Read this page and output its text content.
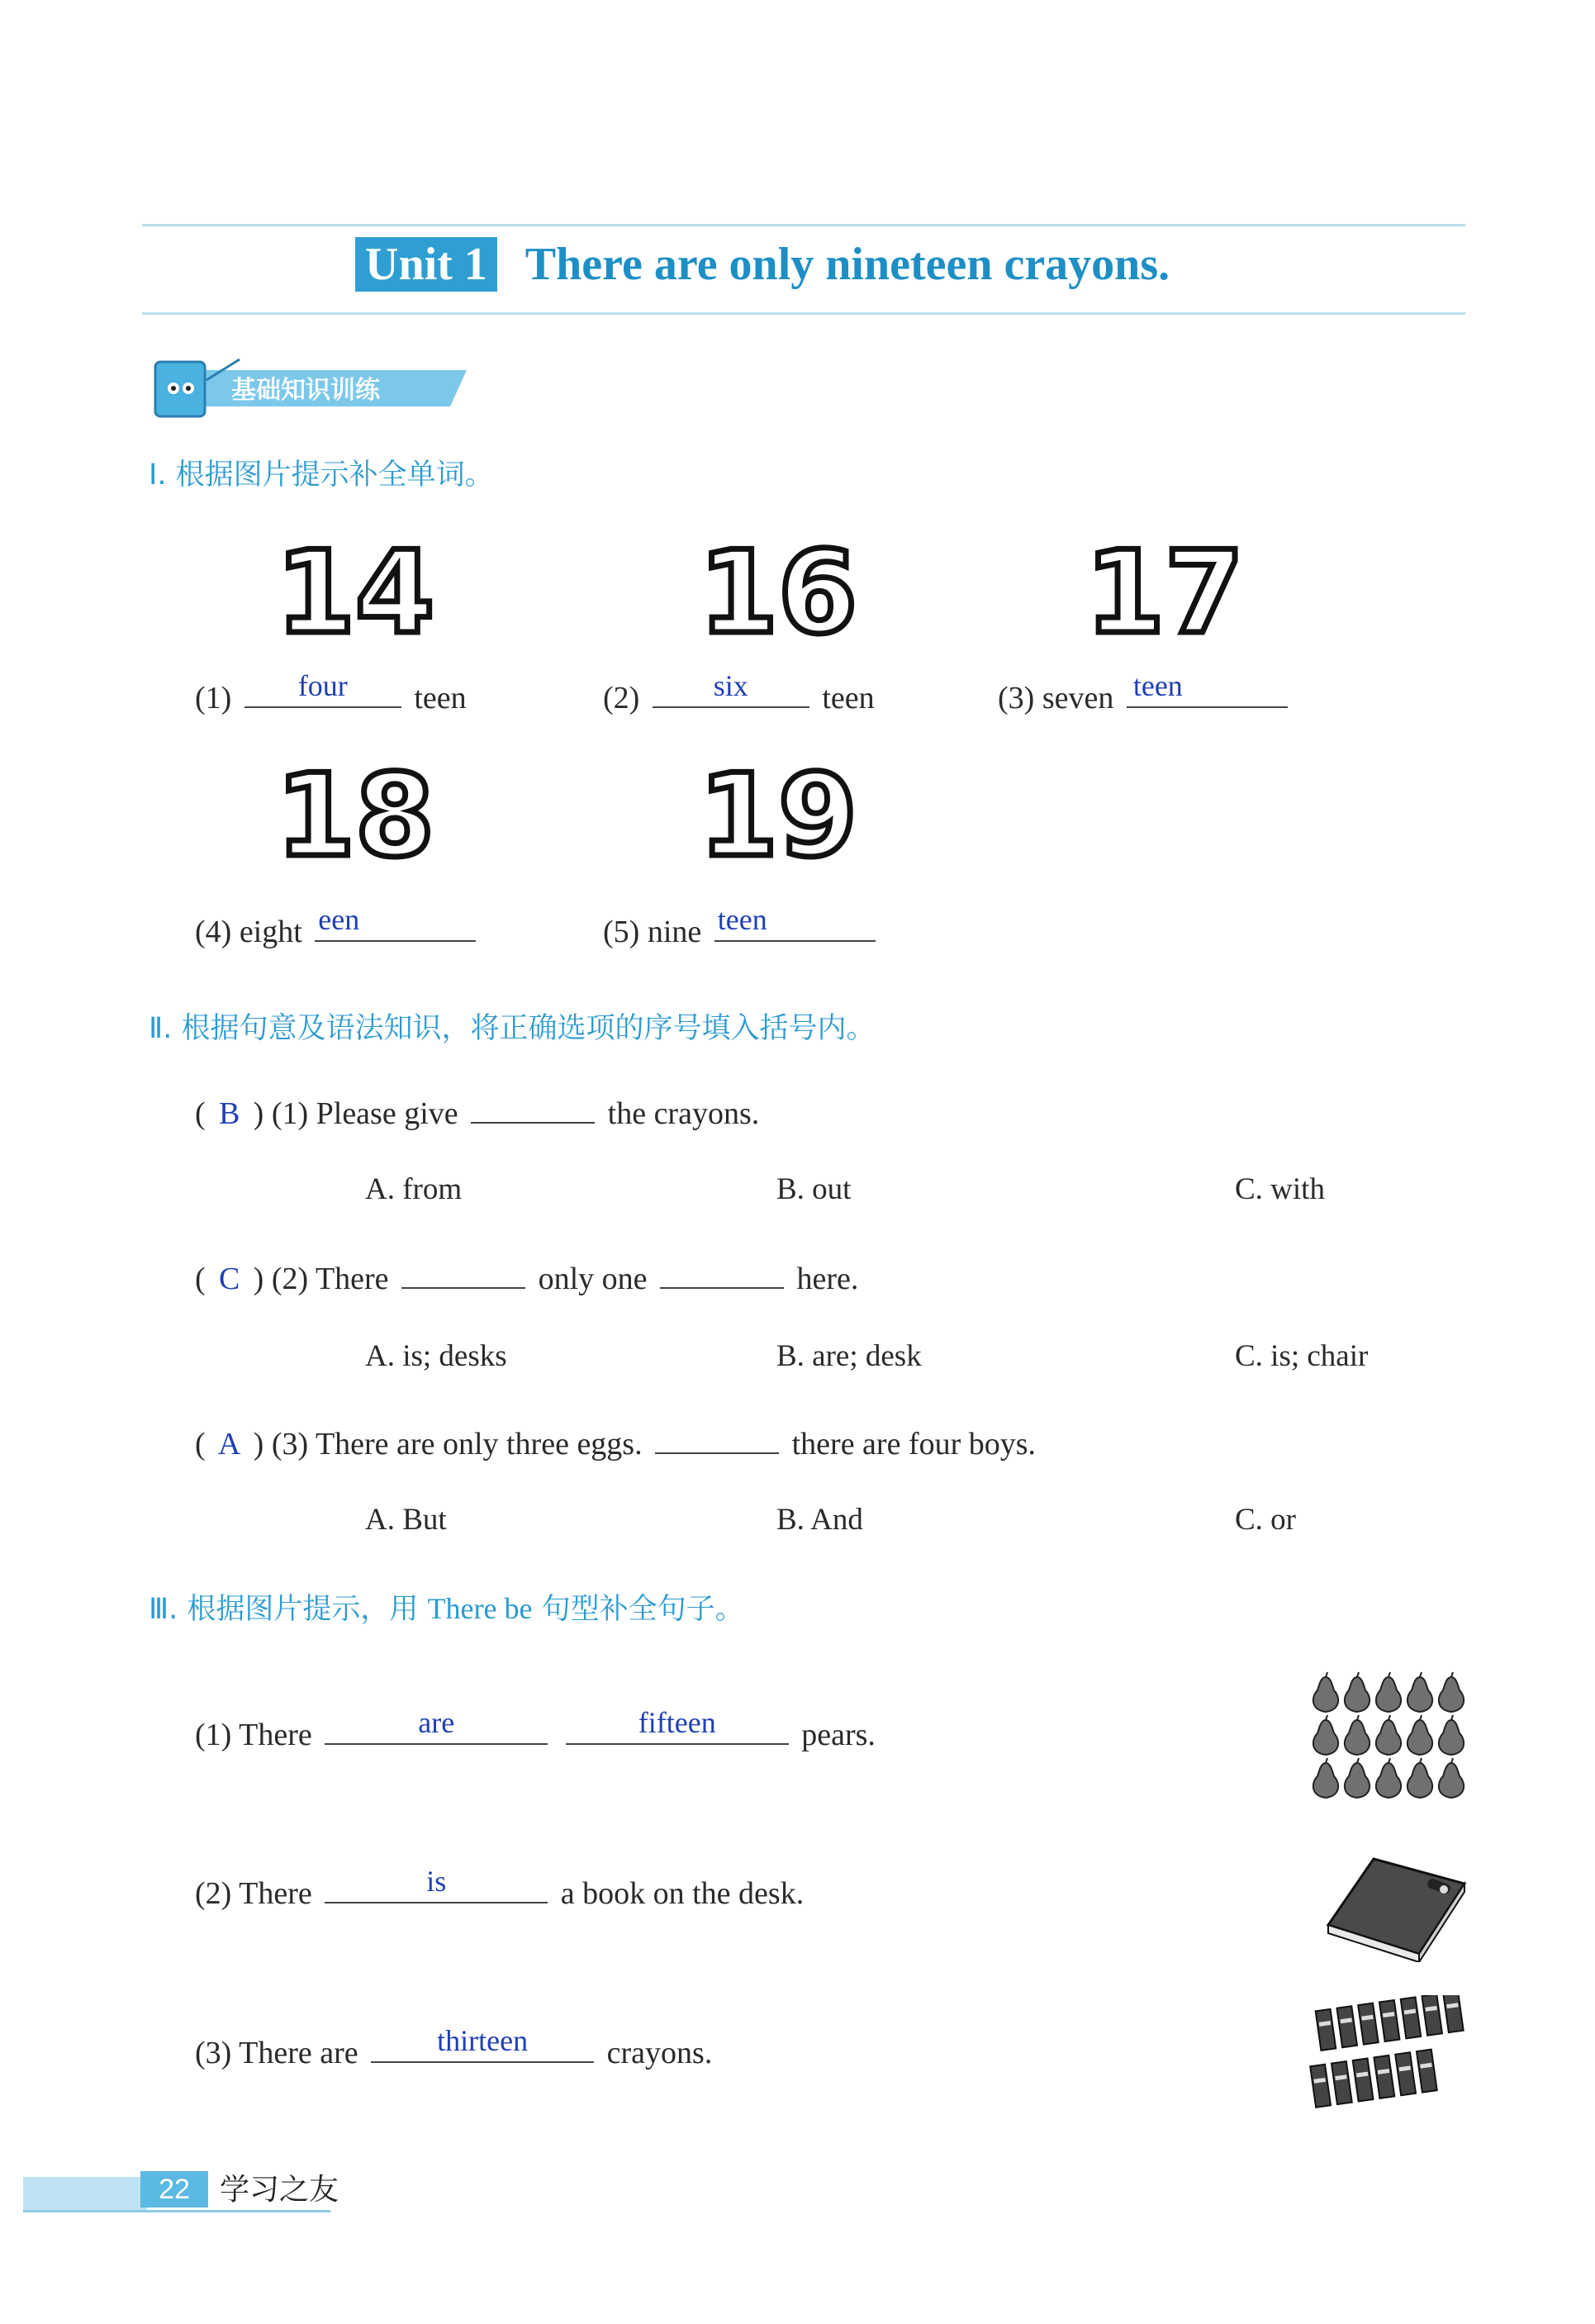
Unit 1 There are only nineteen crayons.
基础知识训练
Ⅰ. 根据图片提示补全单词。
14 16 17
(1)	four	teen	(2)	six	teen	(3) seven teen
18 19
(4) eight een	(5) nine teen
Ⅱ. 根据句意及语法知识，将正确选项的序号填入括号内。
( B ) (1) Please give	the crayons.
A. from	B. out	C. with
( C ) (2) There	only one	here.
A. is; desks	B. are; desk	C. is; chair
( A ) (3) There are only three eggs.	there are four boys.
A. But	B. And	C. or
Ⅲ. 根据图片提示，用 There be 句型补全句子。
(1) There	are
	fifteen	pears.
(2) There	is	a book on the desk.
(3) There are	thirteen	crayons.
22	学习之友
